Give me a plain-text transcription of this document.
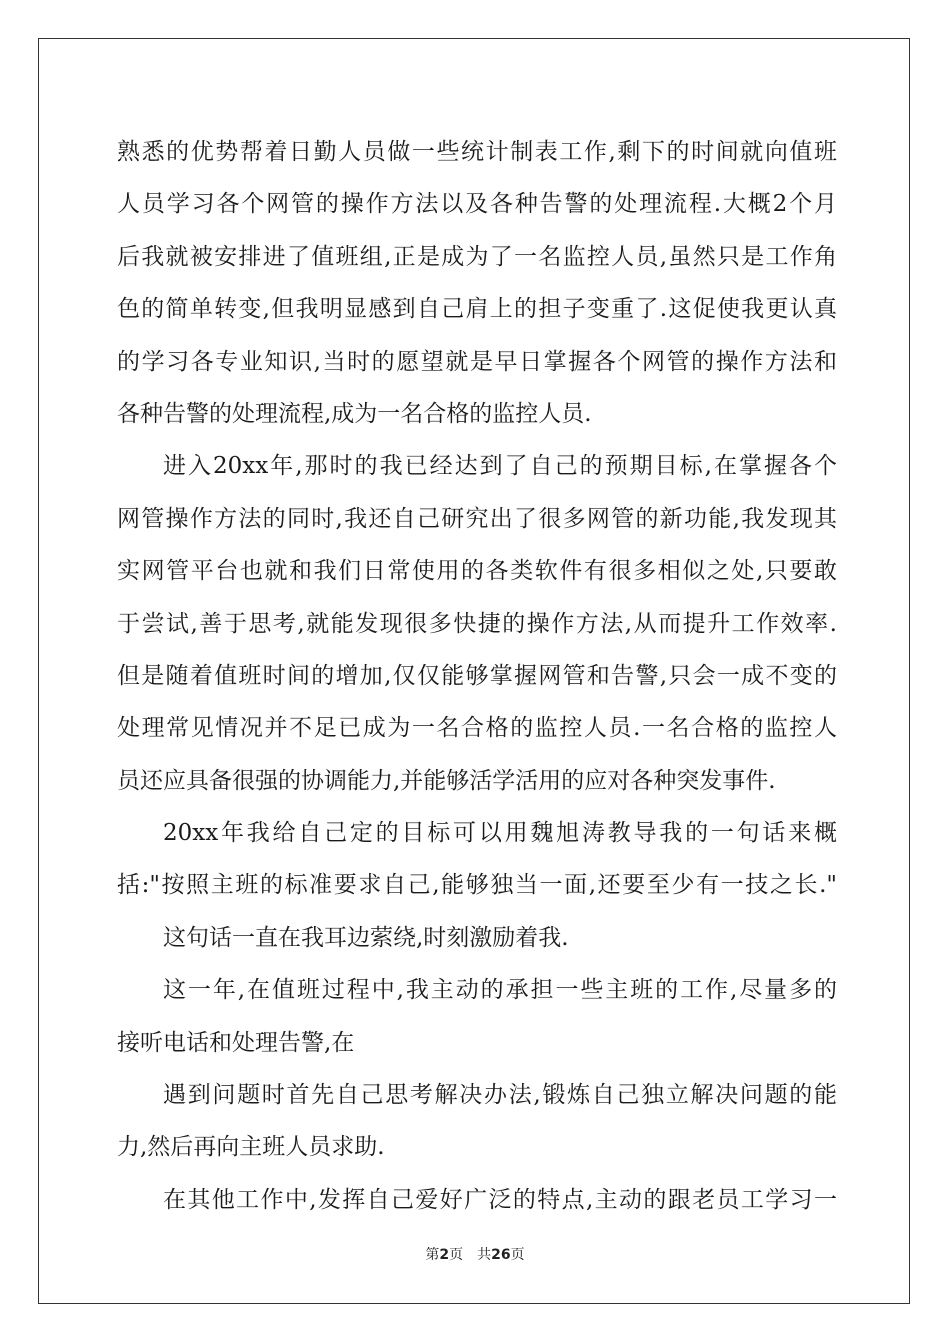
熟悉的优势帮着日勤人员做一些统计制表工作,剩下的时间就向值班
人员学习各个网管的操作方法以及各种告警的处理流程.大概2个月
后我就被安排进了值班组,正是成为了一名监控人员,虽然只是工作角
色的简单转变,但我明显感到自己肩上的担子变重了.这促使我更认真
的学习各专业知识,当时的愿望就是早日掌握各个网管的操作方法和
各种告警的处理流程,成为一名合格的监控人员.
进入20xx年,那时的我已经达到了自己的预期目标,在掌握各个
网管操作方法的同时,我还自己研究出了很多网管的新功能,我发现其
实网管平台也就和我们日常使用的各类软件有很多相似之处,只要敢
于尝试,善于思考,就能发现很多快捷的操作方法,从而提升工作效率.
但是随着值班时间的增加,仅仅能够掌握网管和告警,只会一成不变的
处理常见情况并不足已成为一名合格的监控人员.一名合格的监控人
员还应具备很强的协调能力,并能够活学活用的应对各种突发事件.
20xx年我给自己定的目标可以用魏旭涛教导我的一句话来概
括:"按照主班的标准要求自己,能够独当一面,还要至少有一技之长."
这句话一直在我耳边萦绕,时刻激励着我.
这一年,在值班过程中,我主动的承担一些主班的工作,尽量多的
接听电话和处理告警,在
遇到问题时首先自己思考解决办法,锻炼自己独立解决问题的能
力,然后再向主班人员求助.
在其他工作中,发挥自己爱好广泛的特点,主动的跟老员工学习一
第2页 共26页
